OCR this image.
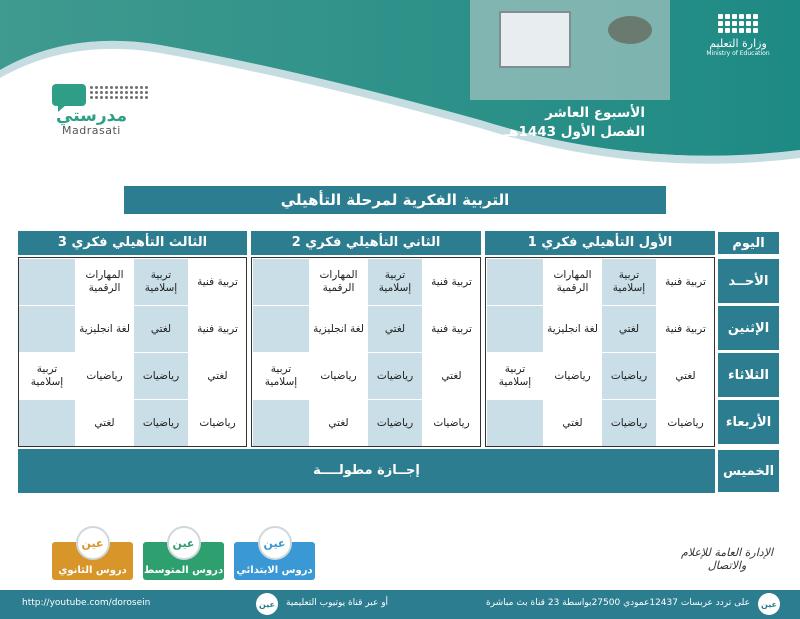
وزارة التعليم
Ministry of Education
الأسبوع العاشر
الفصل الأول 1443هـ
مدرستي
Madrasati
التربية الفكرية لمرحلة التأهيلي
اليوم
الأحــد
الإثنين
الثلاثاء
الأربعاء
الأول التأهيلي فكري 1
الثاني التأهيلي فكري 2
الثالث التأهيلي فكري 3
تربية فنية
تربية إسلامية
المهارات الرقمية
تربية فنية
لغتي
لغة انجليزية
لغتي
رياضيات
رياضيات
تربية إسلامية
رياضيات
رياضيات
لغتي
تربية فنية
تربية إسلامية
المهارات الرقمية
تربية فنية
لغتي
لغة انجليزية
لغتي
رياضيات
رياضيات
تربية إسلامية
رياضيات
رياضيات
لغتي
تربية فنية
تربية إسلامية
المهارات الرقمية
تربية فنية
لغتي
لغة انجليزية
لغتي
رياضيات
رياضيات
تربية إسلامية
رياضيات
رياضيات
لغتي
الخميس
إجــازة مطولــــة
عين
دروس الابتدائي
عين
دروس المتوسط
عين
دروس الثانوي
الإدارة العامة للإعلام والاتصال
عين
على تردد عربسات 12437عمودي 27500بواسطة 23 قناة بث مباشرة
عين	أو عبر قناة يوتيوب التعليمية
http://youtube.com/dorosein
